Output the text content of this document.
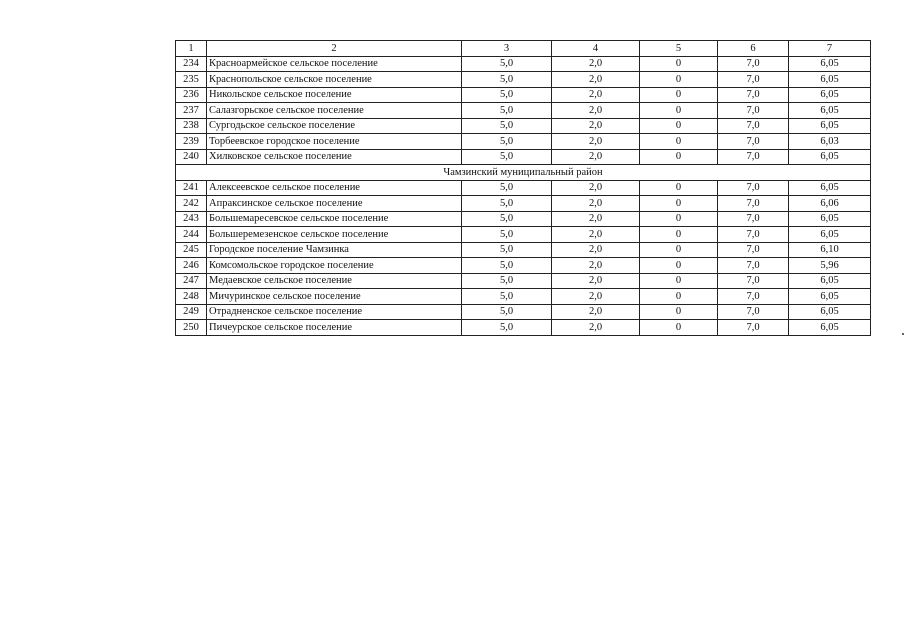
1	2	3	4	5	6	7
234	Красноармейское сельское поселение	5,0	2,0	0	7,0	6,05
235	Краснопольское сельское поселение	5,0	2,0	0	7,0	6,05
236	Никольское сельское поселение	5,0	2,0	0	7,0	6,05
237	Салазгорьское сельское поселение	5,0	2,0	0	7,0	6,05
238	Сургодьское сельское поселение	5,0	2,0	0	7,0	6,05
239	Торбеевское городское поселение	5,0	2,0	0	7,0	6,03
240	Хилковское сельское поселение	5,0	2,0	0	7,0	6,05
Чамзинский муниципальный район						
241	Алексеевское сельское поселение	5,0	2,0	0	7,0	6,05
242	Апраксинское сельское поселение	5,0	2,0	0	7,0	6,06
243	Большемаресевское сельское поселение	5,0	2,0	0	7,0	6,05
244	Большеремезенское сельское поселение	5,0	2,0	0	7,0	6,05
245	Городское поселение Чамзинка	5,0	2,0	0	7,0	6,10
246	Комсомольское городское поселение	5,0	2,0	0	7,0	5,96
247	Медаевское сельское поселение	5,0	2,0	0	7,0	6,05
248	Мичуринское сельское поселение	5,0	2,0	0	7,0	6,05
249	Отрадненское сельское поселение	5,0	2,0	0	7,0	6,05
250	Пичеурское сельское поселение	5,0	2,0	0	7,0	6,05
